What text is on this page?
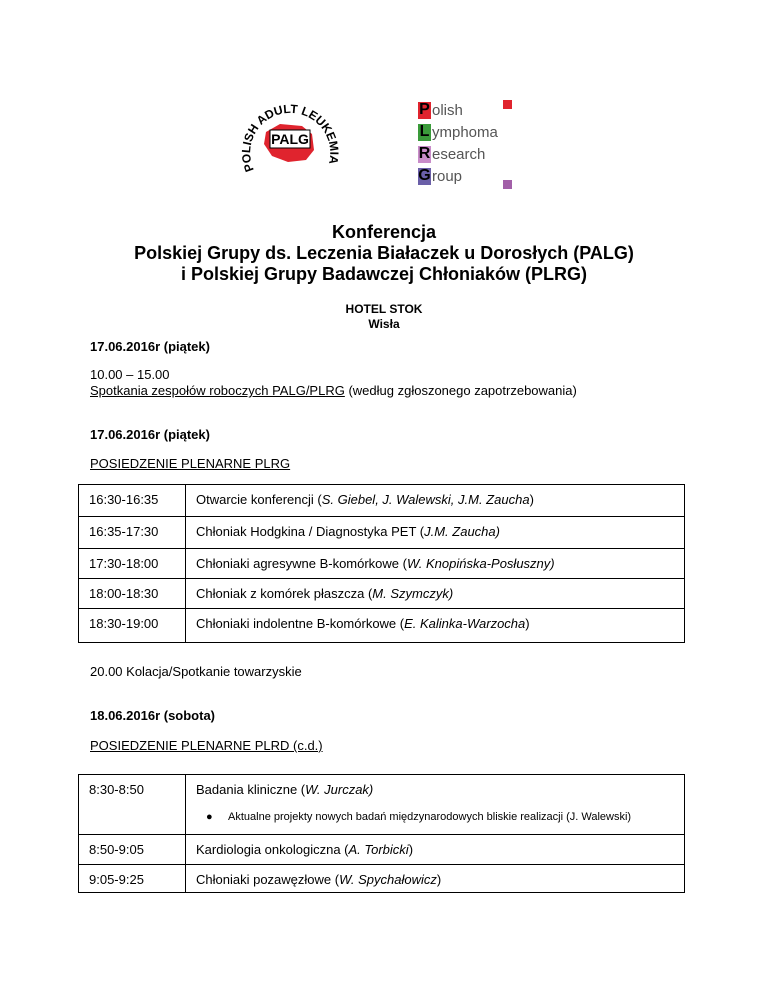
POLISH ADULT LEUKEMIA
PALG
P olish
L ymphoma
R esearch
G roup
Konferencja
Polskiej Grupy ds. Leczenia Białaczek u Dorosłych (PALG)
i Polskiej Grupy Badawczej Chłoniaków (PLRG)
HOTEL STOK
Wisła
17.06.2016r (piątek)
10.00 – 15.00
Spotkania zespołów roboczych PALG/PLRG (według zgłoszonego zapotrzebowania)
17.06.2016r (piątek)
POSIEDZENIE PLENARNE PLRG
16:30-16:35	Otwarcie konferencji (S. Giebel, J. Walewski, J.M. Zaucha)
16:35-17:30	Chłoniak Hodgkina / Diagnostyka PET (J.M. Zaucha)
17:30-18:00	Chłoniaki agresywne B-komórkowe (W. Knopińska-Posłuszny)
18:00-18:30	Chłoniak z komórek płaszcza (M. Szymczyk)
18:30-19:00	Chłoniaki indolentne B-komórkowe (E. Kalinka-Warzocha)
20.00 Kolacja/Spotkanie towarzyskie
18.06.2016r (sobota)
POSIEDZENIE PLENARNE PLRD (c.d.)
8:30-8:50	Badania kliniczne (W. Jurczak)
● Aktualne projekty nowych badań międzynarodowych bliskie realizacji (J. Walewski)

8:50-9:05	Kardiologia onkologiczna (A. Torbicki)
9:05-9:25	Chłoniaki pozawęzłowe (W. Spychałowicz)
